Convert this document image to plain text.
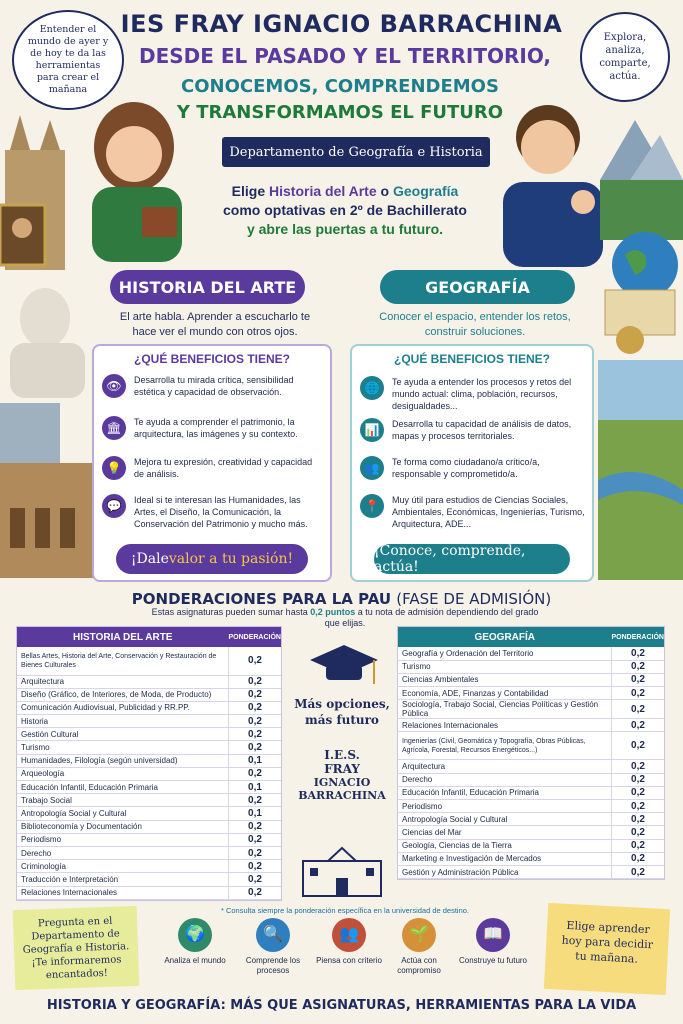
IES FRAY IGNACIO BARRACHINA
DESDE EL PASADO Y EL TERRITORIO,
CONOCEMOS, COMPRENDEMOS
Y TRANSFORMAMOS EL FUTURO
Departamento de Geografía e Historia
Entender el mundo de ayer y de hoy te da las herramientas para crear el mañana
Explora, analiza, comparte, actúa.
Elige Historia del Arte o Geografía
como optativas en 2º de Bachillerato
y abre las puertas a tu futuro.
HISTORIA DEL ARTE
El arte habla. Aprender a escucharlo te hace ver el mundo con otros ojos.
¿QUÉ BENEFICIOS TIENE?
👁	Desarrolla tu mirada crítica, sensibilidad estética y capacidad de observación.
🏛	Te ayuda a comprender el patrimonio, la arquitectura, las imágenes y su contexto.
💡	Mejora tu expresión, creatividad y capacidad de análisis.
💬	Ideal si te interesan las Humanidades, las Artes, el Diseño, la Comunicación, la Conservación del Patrimonio y mucho más.
¡Dale valor a tu pasión!
GEOGRAFÍA
Conocer el espacio, entender los retos, construir soluciones.
¿QUÉ BENEFICIOS TIENE?
🌐	Te ayuda a entender los procesos y retos del mundo actual: clima, población, recursos, desigualdades...
📊	Desarrolla tu capacidad de análisis de datos, mapas y procesos territoriales.
👥	Te forma como ciudadano/a crítico/a, responsable y comprometido/a.
📍	Muy útil para estudios de Ciencias Sociales, Ambientales, Económicas, Ingenierías, Turismo, Arquitectura, ADE...
¡Conoce, comprende, actúa!
PONDERACIONES PARA LA PAU (FASE DE ADMISIÓN)
Estas asignaturas pueden sumar hasta 0,2 puntos a tu nota de admisión dependiendo del grado que elijas.
HISTORIA DEL ARTE	PONDERACIÓN
Bellas Artes, Historia del Arte, Conservación y Restauración de Bienes Culturales	0,2
Arquitectura	0,2
Diseño (Gráfico, de Interiores, de Moda, de Producto)	0,2
Comunicación Audiovisual, Publicidad y RR.PP.	0,2
Historia	0,2
Gestión Cultural	0,2
Turismo	0,2
Humanidades, Filología (según universidad)	0,1
Arqueología	0,2
Educación Infantil, Educación Primaria	0,1
Trabajo Social	0,2
Antropología Social y Cultural	0,1
Biblioteconomía y Documentación	0,2
Periodismo	0,2
Derecho	0,2
Criminología	0,2
Traducción e Interpretación	0,2
Relaciones Internacionales	0,2
GEOGRAFÍA	PONDERACIÓN
Geografía y Ordenación del Territorio	0,2
Turismo	0,2
Ciencias Ambientales	0,2
Economía, ADE, Finanzas y Contabilidad	0,2
Sociología, Trabajo Social, Ciencias Políticas y Gestión Pública	0,2
Relaciones Internacionales	0,2
Ingenierías (Civil, Geomática y Topografía, Obras Públicas, Agrícola, Forestal, Recursos Energéticos...)	0,2
Arquitectura	0,2
Derecho	0,2
Educación Infantil, Educación Primaria	0,2
Periodismo	0,2
Antropología Social y Cultural	0,2
Ciencias del Mar	0,2
Geología, Ciencias de la Tierra	0,2
Marketing e Investigación de Mercados	0,2
Gestión y Administración Pública	0,2
Más opciones, más futuro
I.E.S.
FRAY
IGNACIO
BARRACHINA
* Consulta siempre la ponderación específica en la universidad de destino.
Pregunta en el Departamento de Geografía e Historia. ¡Te informaremos encantados!
Elige aprender hoy para decidir tu mañana.
🌍
Analiza el mundo
🔍
Comprende los procesos
👥
Piensa con criterio
🌱
Actúa con compromiso
📖
Construye tu futuro
HISTORIA Y GEOGRAFÍA: MÁS QUE ASIGNATURAS, HERRAMIENTAS PARA LA VIDA
